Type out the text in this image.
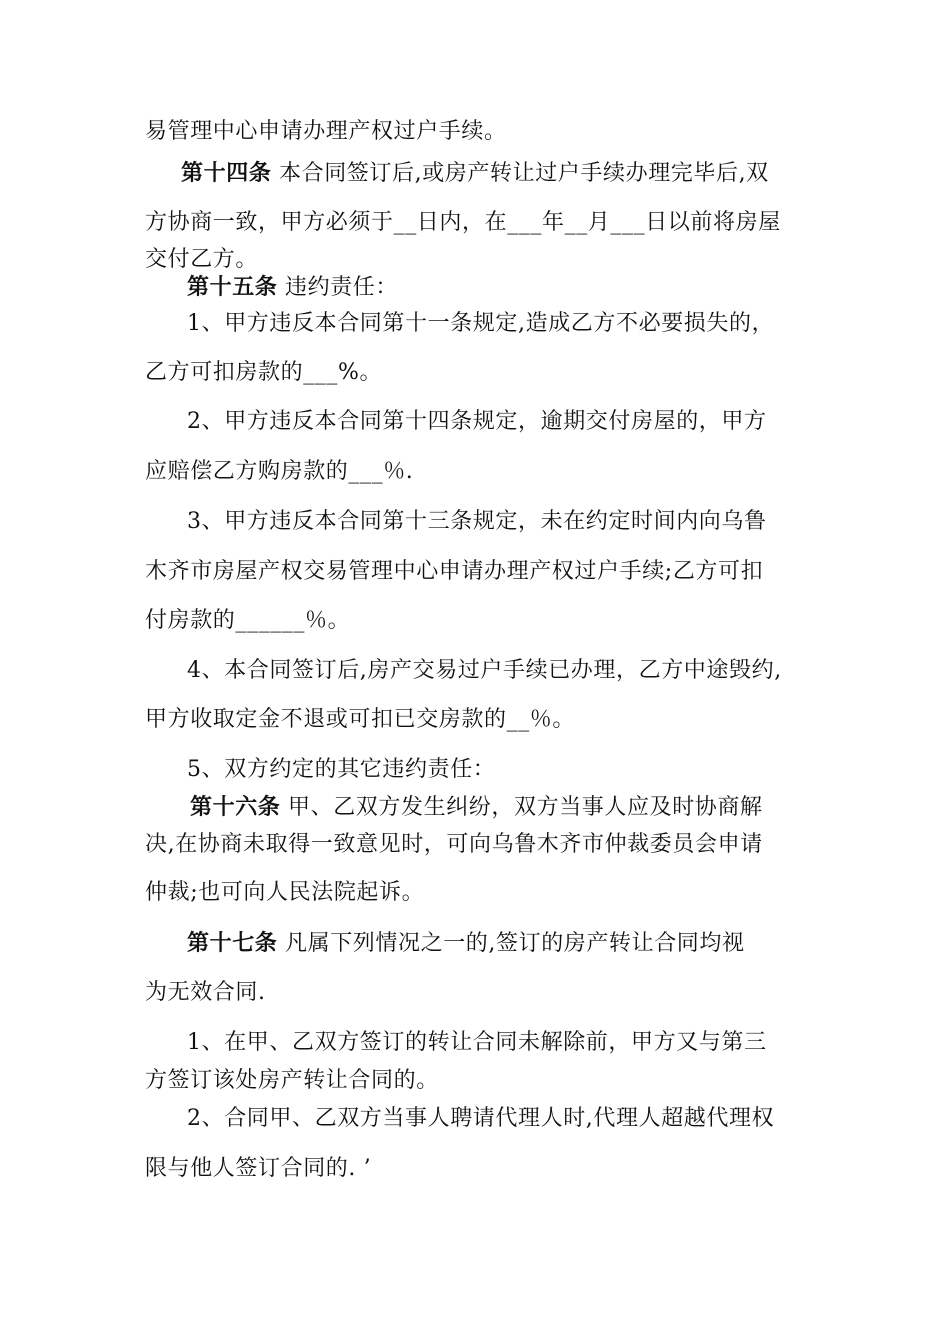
易管理中心申请办理产权过户手续。
第十四条 本合同签订后,或房产转让过户手续办理完毕后,双
方协商一致，甲方必须于__日内，在___年__月___日以前将房屋
交付乙方。
第十五条 违约责任：
1、甲方违反本合同第十一条规定,造成乙方不必要损失的，
乙方可扣房款的___%。
2、甲方违反本合同第十四条规定，逾期交付房屋的，甲方
应赔偿乙方购房款的___％.
3、甲方违反本合同第十三条规定，未在约定时间内向乌鲁
木齐市房屋产权交易管理中心申请办理产权过户手续;乙方可扣
付房款的______％。
4、本合同签订后,房产交易过户手续已办理，乙方中途毁约,
甲方收取定金不退或可扣已交房款的__％。
5、双方约定的其它违约责任：
第十六条 甲、乙双方发生纠纷，双方当事人应及时协商解
决,在协商未取得一致意见时，可向乌鲁木齐市仲裁委员会申请
仲裁;也可向人民法院起诉。
第十七条 凡属下列情况之一的,签订的房产转让合同均视
为无效合同.
1、在甲、乙双方签订的转让合同未解除前，甲方又与第三
方签订该处房产转让合同的。
2、合同甲、乙双方当事人聘请代理人时,代理人超越代理权
限与他人签订合同的. ’
